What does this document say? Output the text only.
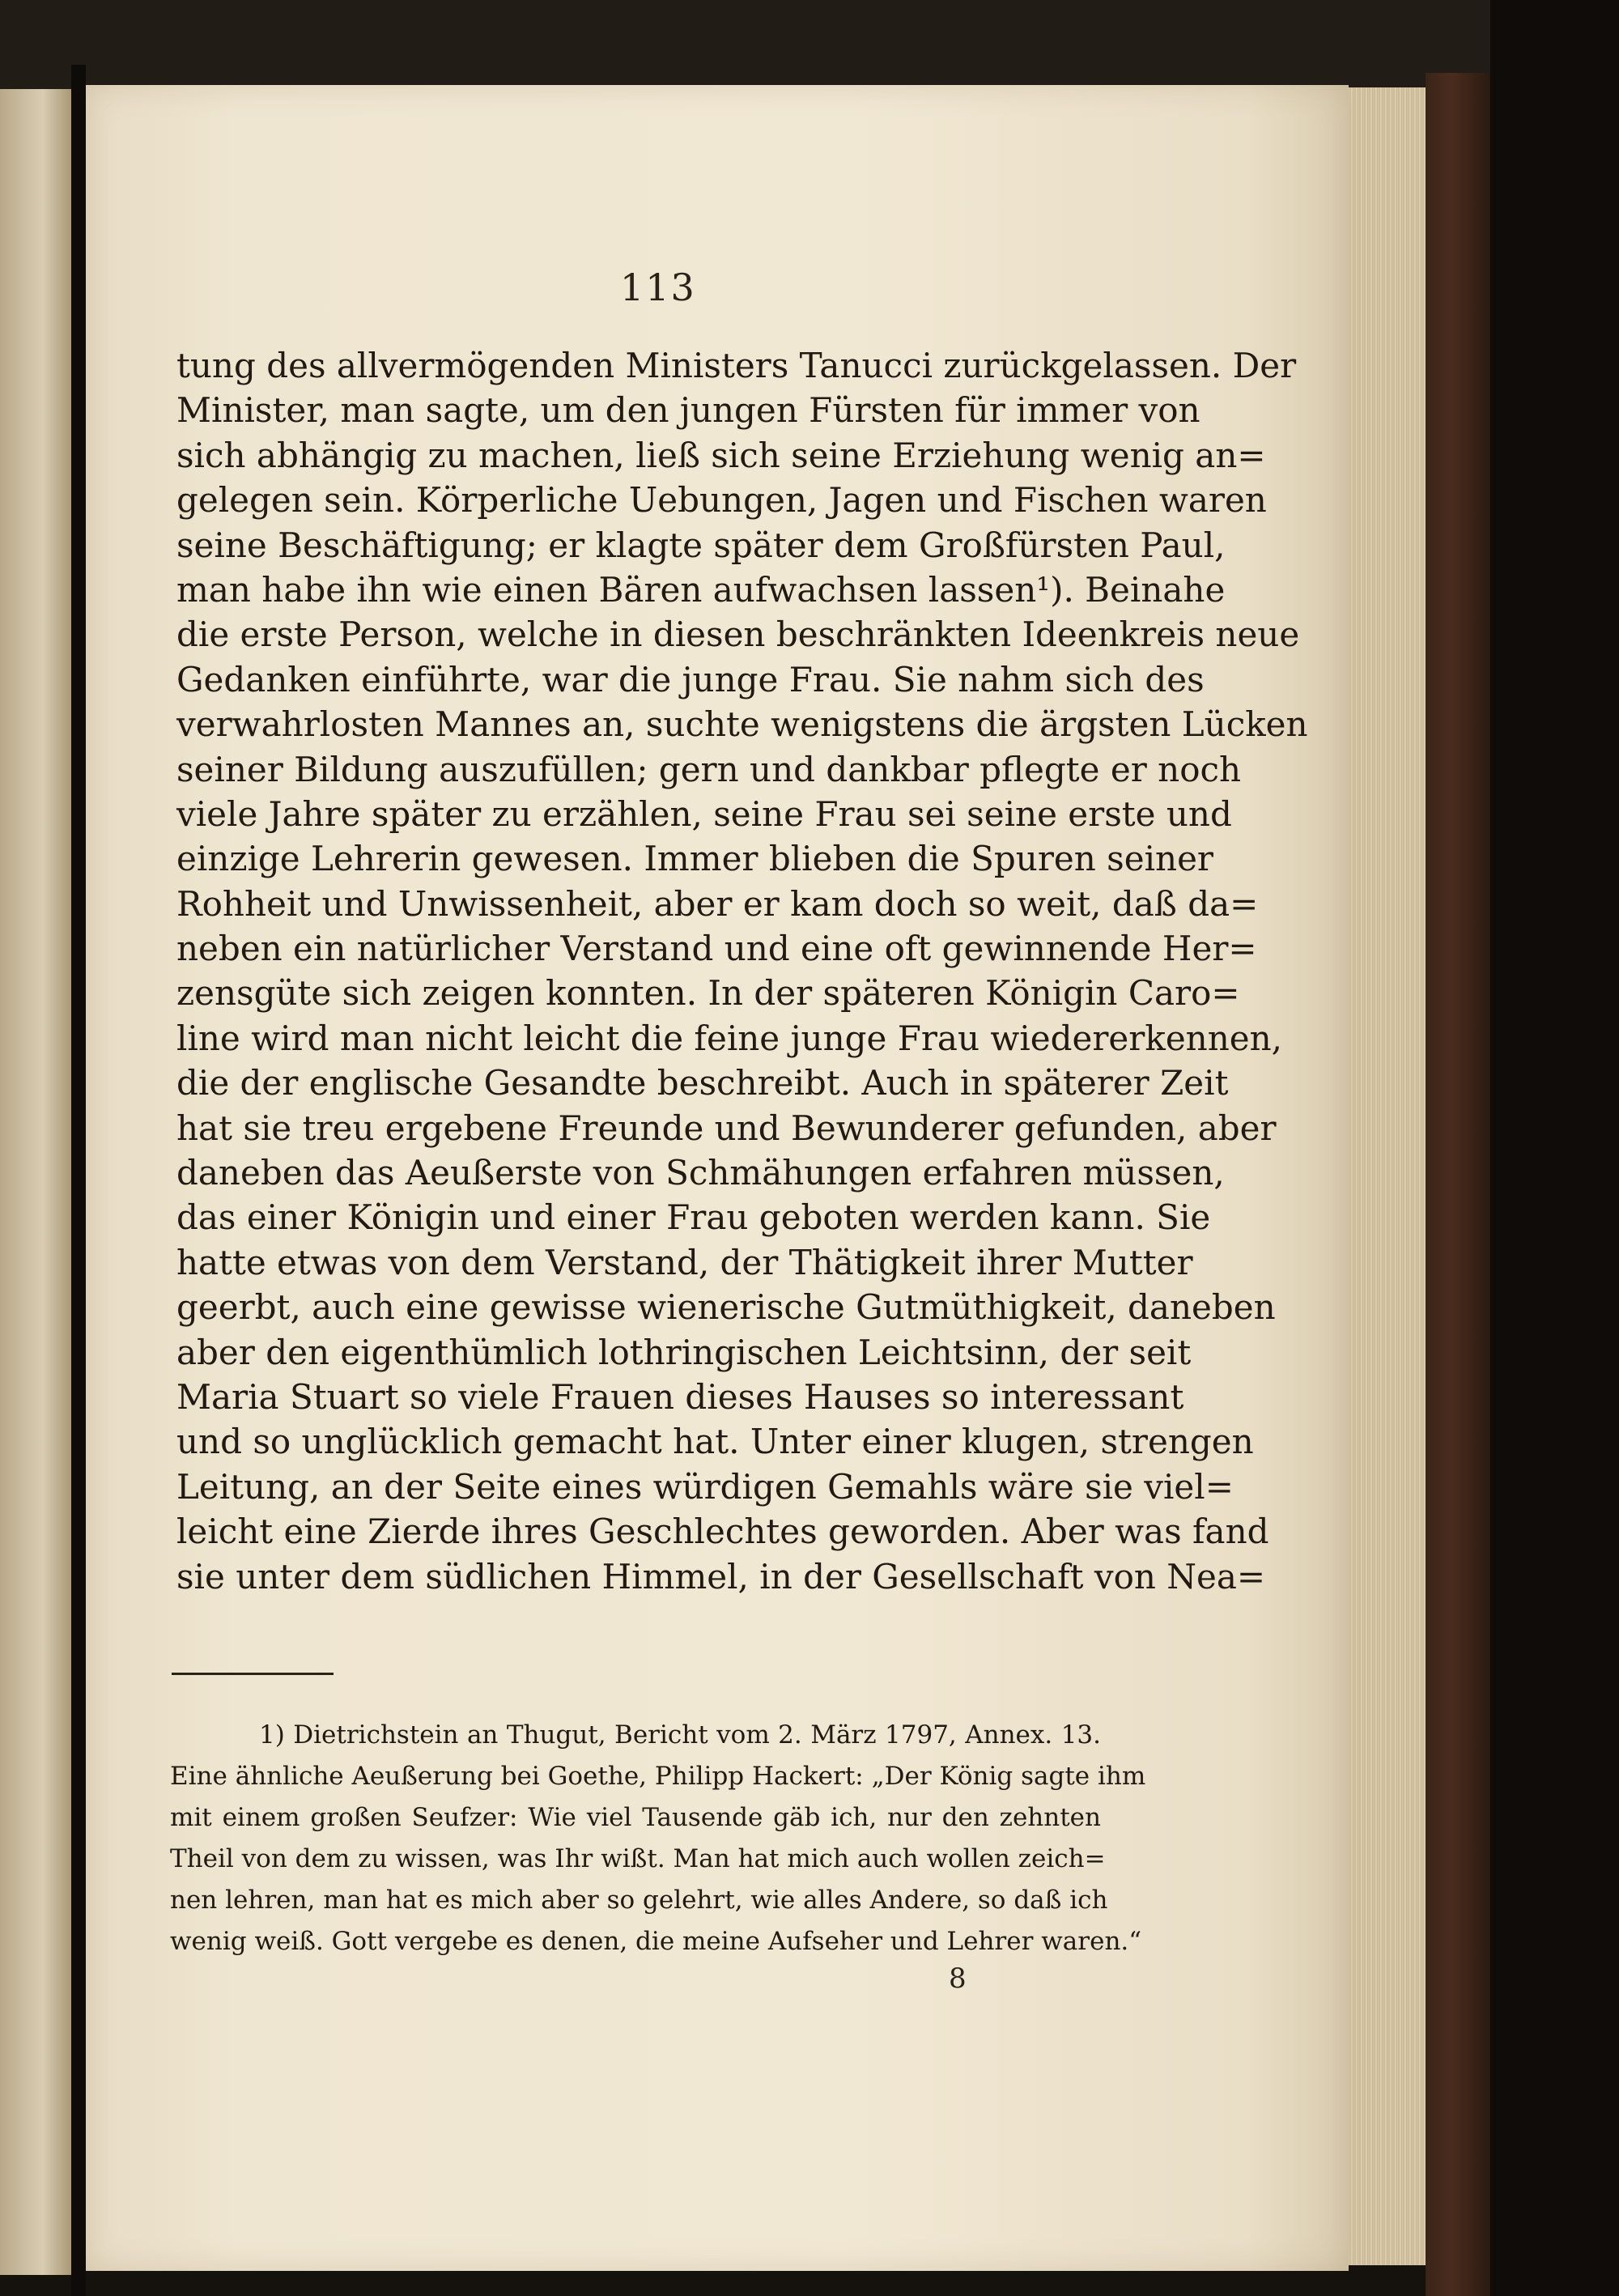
113
tung des allvermögenden Ministers Tanucci zurückgelassen. Der
Minister, man sagte, um den jungen Fürsten für immer von
sich abhängig zu machen, ließ sich seine Erziehung wenig an=
gelegen sein. Körperliche Uebungen, Jagen und Fischen waren
seine Beschäftigung; er klagte später dem Großfürsten Paul,
man habe ihn wie einen Bären aufwachsen lassen¹). Beinahe
die erste Person, welche in diesen beschränkten Ideenkreis neue
Gedanken einführte, war die junge Frau. Sie nahm sich des
verwahrlosten Mannes an, suchte wenigstens die ärgsten Lücken
seiner Bildung auszufüllen; gern und dankbar pflegte er noch
viele Jahre später zu erzählen, seine Frau sei seine erste und
einzige Lehrerin gewesen. Immer blieben die Spuren seiner
Rohheit und Unwissenheit, aber er kam doch so weit, daß da=
neben ein natürlicher Verstand und eine oft gewinnende Her=
zensgüte sich zeigen konnten. In der späteren Königin Caro=
line wird man nicht leicht die feine junge Frau wiedererkennen,
die der englische Gesandte beschreibt. Auch in späterer Zeit
hat sie treu ergebene Freunde und Bewunderer gefunden, aber
daneben das Aeußerste von Schmähungen erfahren müssen,
das einer Königin und einer Frau geboten werden kann. Sie
hatte etwas von dem Verstand, der Thätigkeit ihrer Mutter
geerbt, auch eine gewisse wienerische Gutmüthigkeit, daneben
aber den eigenthümlich lothringischen Leichtsinn, der seit
Maria Stuart so viele Frauen dieses Hauses so interessant
und so unglücklich gemacht hat. Unter einer klugen, strengen
Leitung, an der Seite eines würdigen Gemahls wäre sie viel=
leicht eine Zierde ihres Geschlechtes geworden. Aber was fand
sie unter dem südlichen Himmel, in der Gesellschaft von Nea=
1) Dietrichstein an Thugut, Bericht vom 2. März 1797, Annex. 13.
Eine ähnliche Aeußerung bei Goethe, Philipp Hackert: „Der König sagte ihm
mit einem großen Seufzer: Wie viel Tausende gäb ich, nur den zehnten
Theil von dem zu wissen, was Ihr wißt. Man hat mich auch wollen zeich=
nen lehren, man hat es mich aber so gelehrt, wie alles Andere, so daß ich
wenig weiß. Gott vergebe es denen, die meine Aufseher und Lehrer waren.“
8
